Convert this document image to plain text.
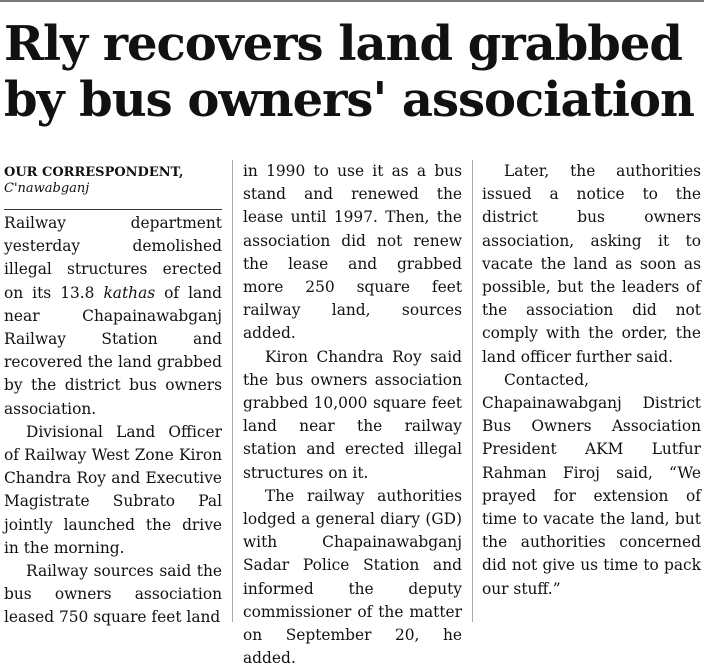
Rly recovers land grabbed
by bus owners' association
OUR CORRESPONDENT,
C'nawabganj

Railway department yesterday demolished illegal structures erected on its 13.8 kathas of land near Chapainawabganj Railway Station and recovered the land grabbed by the district bus owners association.

Divisional Land Officer of Railway West Zone Kiron Chandra Roy and Executive Magistrate Subrato Pal jointly launched the drive in the morning.

Railway sources said the bus owners association leased 750 square feet land

in 1990 to use it as a bus stand and renewed the lease until 1997. Then, the association did not renew the lease and grabbed more 250 square feet railway land, sources added.

Kiron Chandra Roy said the bus owners association grabbed 10,000 square feet land near the railway station and erected illegal structures on it.

The railway authorities lodged a general diary (GD) with Chapainawabganj Sadar Police Station and informed the deputy commissioner of the matter on September 20, he added.

Later, the authorities issued a notice to the district bus owners association, asking it to vacate the land as soon as possible, but the leaders of the association did not comply with the order, the land officer further said.

Contacted, Chapainawabganj District Bus Owners Association President AKM Lutfur Rahman Firoj said, “We prayed for extension of time to vacate the land, but the authorities concerned did not give us time to pack our stuff.”
